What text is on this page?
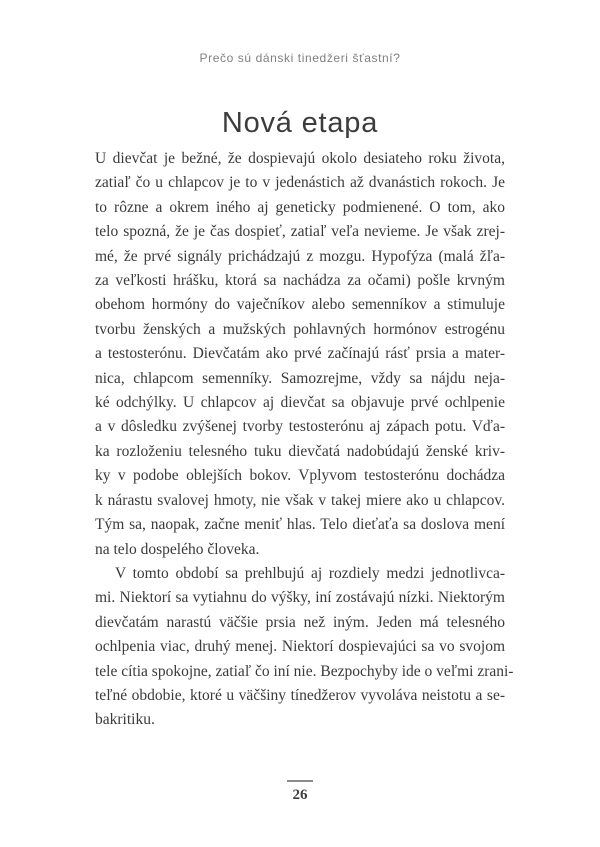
Prečo sú dánski tinedžeri šťastní?
Nová etapa
U dievčat je bežné, že dospievajú okolo desiateho roku života,
zatiaľ čo u chlapcov je to v jedenástich až dvanástich rokoch. Je
to rôzne a okrem iného aj geneticky podmienené. O tom, ako
telo spozná, že je čas dospieť, zatiaľ veľa nevieme. Je však zrej-
mé, že prvé signály prichádzajú z mozgu. Hypofýza (malá žľa-
za veľkosti hrášku, ktorá sa nachádza za očami) pošle krvným
obehom hormóny do vaječníkov alebo semenníkov a stimuluje
tvorbu ženských a mužských pohlavných hormónov estrogénu
a testosterónu. Dievčatám ako prvé začínajú rásť prsia a mater-
nica, chlapcom semenníky. Samozrejme, vždy sa nájdu neja-
ké odchýlky. U chlapcov aj dievčat sa objavuje prvé ochlpenie
a v dôsledku zvýšenej tvorby testosterónu aj zápach potu. Vďa-
ka rozloženiu telesného tuku dievčatá nadobúdajú ženské kriv-
ky v podobe oblejších bokov. Vplyvom testosterónu dochádza
k nárastu svalovej hmoty, nie však v takej miere ako u chlapcov.
Tým sa, naopak, začne meniť hlas. Telo dieťaťa sa doslova mení
na telo dospelého človeka.
V tomto období sa prehlbujú aj rozdiely medzi jednotlivca-
mi. Niektorí sa vytiahnu do výšky, iní zostávajú nízki. Niektorým
dievčatám narastú väčšie prsia než iným. Jeden má telesného
ochlpenia viac, druhý menej. Niektorí dospievajúci sa vo svojom
tele cítia spokojne, zatiaľ čo iní nie. Bezpochyby ide o veľmi zrani-
teľné obdobie, ktoré u väčšiny tínedžerov vyvoláva neistotu a se-
bakritiku.
26
